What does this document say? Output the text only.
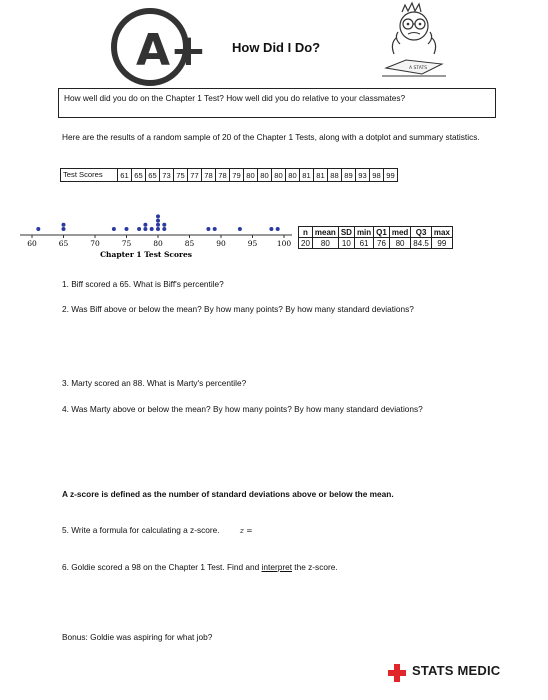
A+ How Did I Do?
A STATS
How well did you do on the Chapter 1 Test? How well did you do relative to your classmates?
Here are the results of a random sample of 20 of the Chapter 1 Tests, along with a dotplot and summary statistics.
Test Scores	61	65	65	73	75	77	78	78	79	80	80	80	80	81	81	88	89	93	98	99
Chapter 1 Test Scores
60	65	70	75	80	85	90	95	100
n	mean	SD	min	Q1	med	Q3	max
20	80	10	61	76	80	84.5	99
1. Biff scored a 65. What is Biff's percentile?
2. Was Biff above or below the mean? By how many points? By how many standard deviations?
3. Marty scored an 88. What is Marty's percentile?
4. Was Marty above or below the mean? By how many points? By how many standard deviations?
A z-score is defined as the number of standard deviations above or below the mean.
5. Write a formula for calculating a z-score.	z =
6. Goldie scored a 98 on the Chapter 1 Test. Find and interpret the z-score.
Bonus: Goldie was aspiring for what job?
STATS MEDIC
